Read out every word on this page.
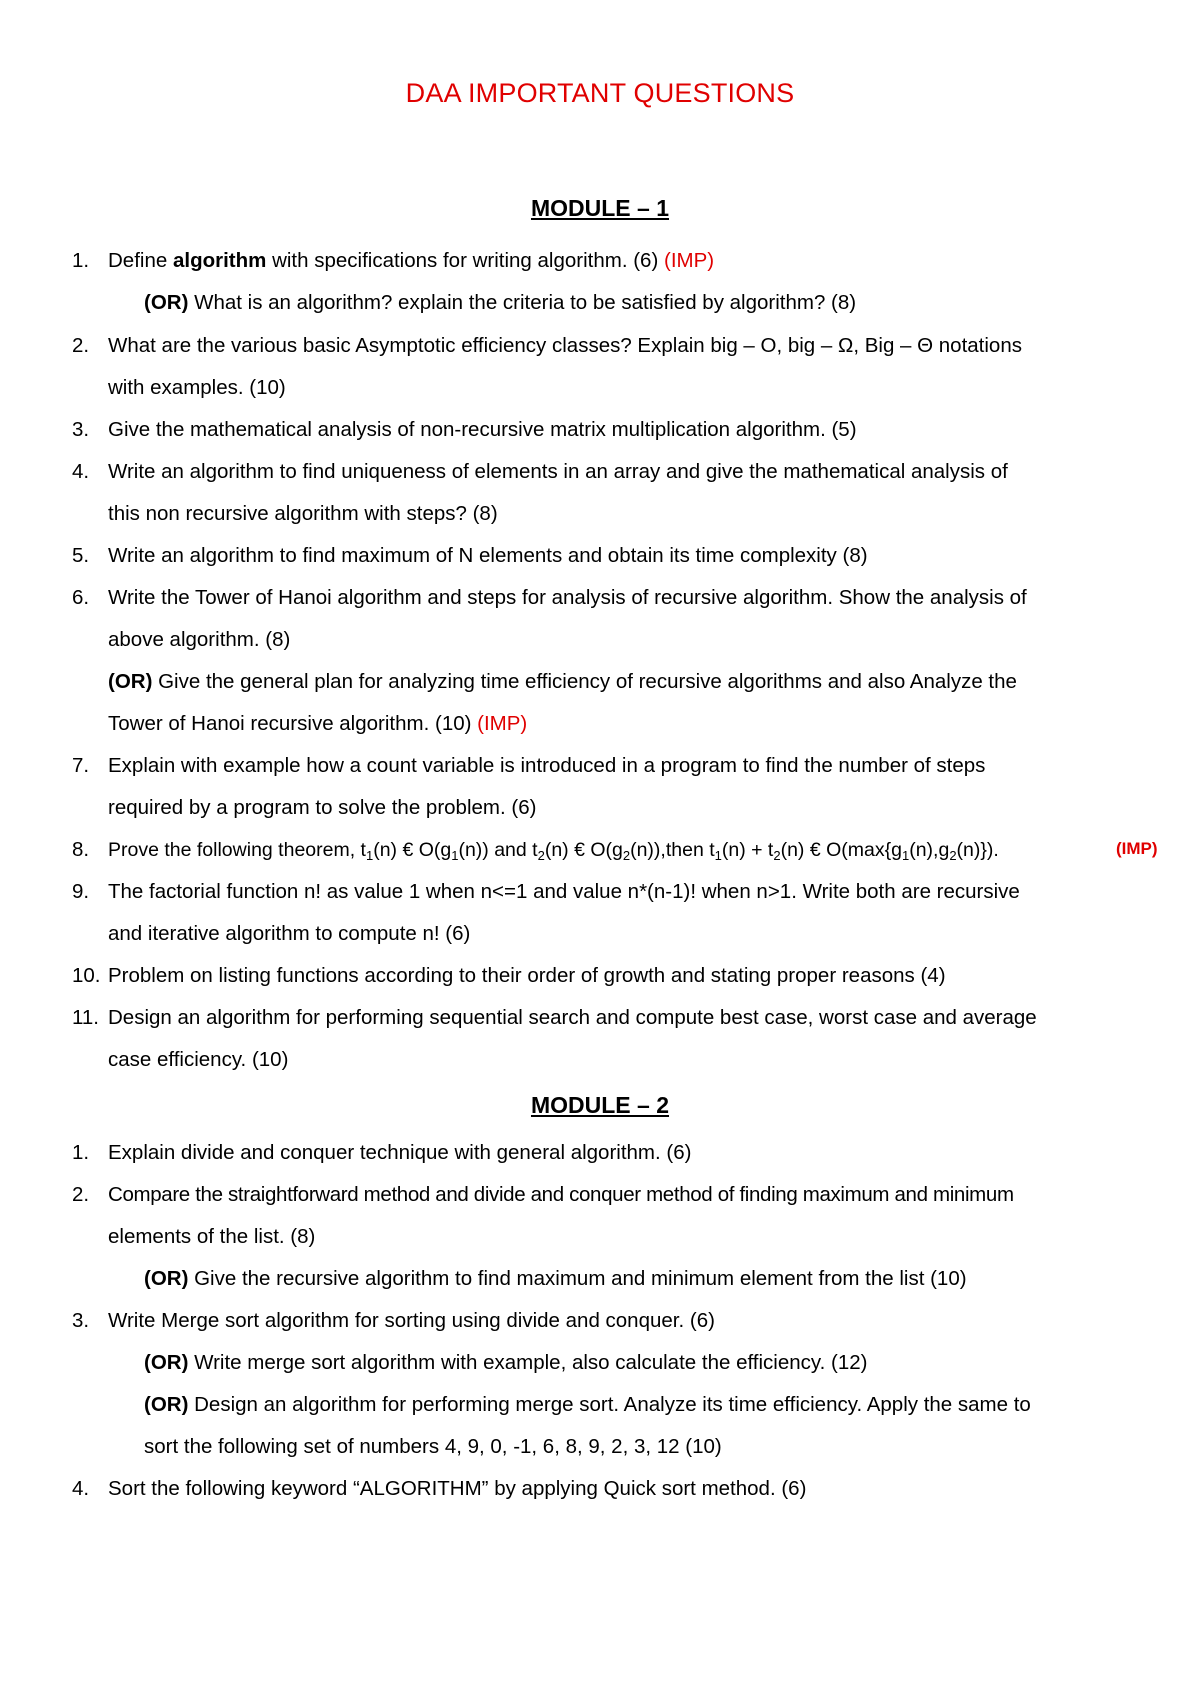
DAA IMPORTANT QUESTIONS
MODULE – 1
1. Define algorithm with specifications for writing algorithm. (6) (IMP)
(OR) What is an algorithm? explain the criteria to be satisfied by algorithm? (8)
2. What are the various basic Asymptotic efficiency classes? Explain big – O, big – Ω, Big – Θ notations
with examples. (10)
3. Give the mathematical analysis of non-recursive matrix multiplication algorithm. (5)
4. Write an algorithm to find uniqueness of elements in an array and give the mathematical analysis of
this non recursive algorithm with steps? (8)
5. Write an algorithm to find maximum of N elements and obtain its time complexity (8)
6. Write the Tower of Hanoi algorithm and steps for analysis of recursive algorithm. Show the analysis of
above algorithm. (8)
(OR) Give the general plan for analyzing time efficiency of recursive algorithms and also Analyze the
Tower of Hanoi recursive algorithm. (10) (IMP)
7. Explain with example how a count variable is introduced in a program to find the number of steps
required by a program to solve the problem. (6)
8. Prove the following theorem, $t_1(n)$ € $O(g_1(n))$ and $t_2(n)$ € $O(g_2(n)),then$ $t_1(n) + t_2(n)$ € $O(\max\{g_1(n),g_2(n)\})$.	(IMP)
9. The factorial function n! as value 1 when n<=1 and value n*(n-1)! when n>1. Write both are recursive
and iterative algorithm to compute n! (6)
10. Problem on listing functions according to their order of growth and stating proper reasons (4)
11. Design an algorithm for performing sequential search and compute best case, worst case and average
case efficiency. (10)
MODULE – 2
1. Explain divide and conquer technique with general algorithm. (6)
2. Compare the straightforward method and divide and conquer method of finding maximum and minimum
elements of the list. (8)
(OR) Give the recursive algorithm to find maximum and minimum element from the list (10)
3. Write Merge sort algorithm for sorting using divide and conquer. (6)
(OR) Write merge sort algorithm with example, also calculate the efficiency. (12)
(OR) Design an algorithm for performing merge sort. Analyze its time efficiency. Apply the same to
sort the following set of numbers 4, 9, 0, -1, 6, 8, 9, 2, 3, 12 (10)
4. Sort the following keyword “ALGORITHM” by applying Quick sort method. (6)
